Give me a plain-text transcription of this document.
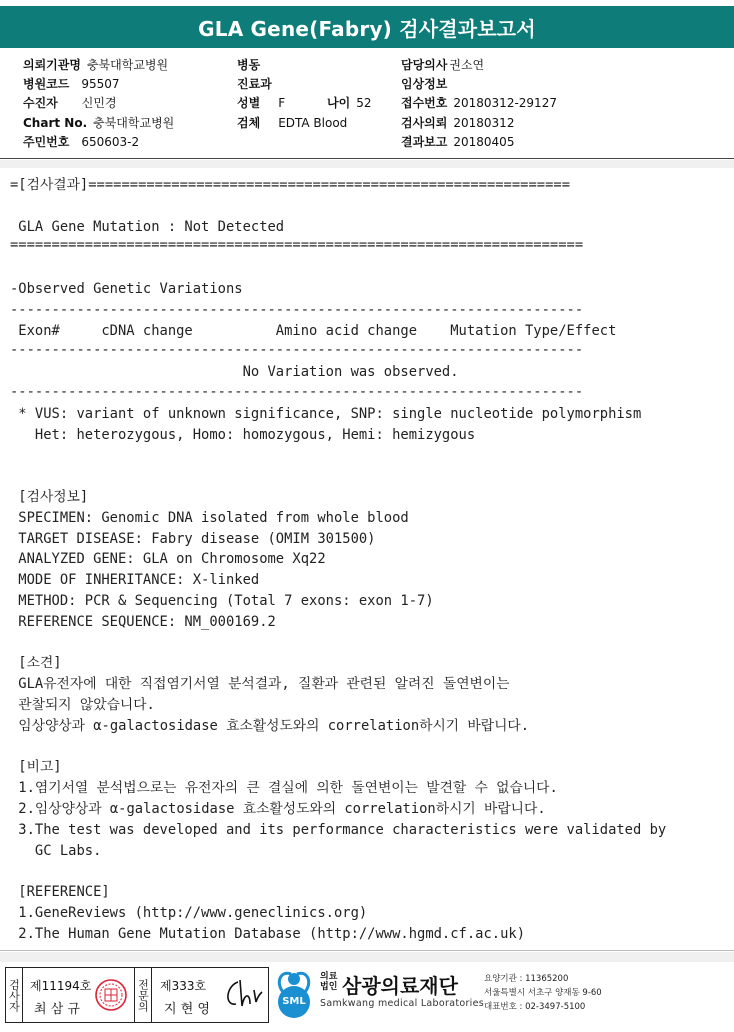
GLA Gene(Fabry) 검사결과보고서
의뢰기관명 충북대학교병원
병원코드 95507
수진자 신민경
Chart No. 충북대학교병원
주민번호 650603-2
병동
진료과
성별 F	나이 52
검체 EDTA Blood
담당의사 권소연
임상정보
접수번호 20180312-29127
검사의뢰 20180312
결과보고 20180405
=[검사결과]==========================================================
GLA Gene Mutation : Not Detected
=====================================================================
-Observed Genetic Variations
---------------------------------------------------------------------
Exon#     cDNA change          Amino acid change    Mutation Type/Effect
---------------------------------------------------------------------
No Variation was observed.
---------------------------------------------------------------------
* VUS: variant of unknown significance, SNP: single nucleotide polymorphism
Het: heterozygous, Homo: homozygous, Hemi: hemizygous
[검사정보]
SPECIMEN: Genomic DNA isolated from whole blood
TARGET DISEASE: Fabry disease (OMIM 301500)
ANALYZED GENE: GLA on Chromosome Xq22
MODE OF INHERITANCE: X-linked
METHOD: PCR & Sequencing (Total 7 exons: exon 1-7)
REFERENCE SEQUENCE: NM_000169.2
[소견]
GLA유전자에 대한 직접염기서열 분석결과, 질환과 관련된 알려진 돌연변이는
관찰되지 않았습니다.
임상양상과 α-galactosidase 효소활성도와의 correlation하시기 바랍니다.
[비고]
1.염기서열 분석법으로는 유전자의 큰 결실에 의한 돌연변이는 발견할 수 없습니다.
2.임상양상과 α-galactosidase 효소활성도와의 correlation하시기 바랍니다.
3.The test was developed and its performance characteristics were validated by
GC Labs.
[REFERENCE]
1.GeneReviews (http://www.geneclinics.org)
2.The Human Gene Mutation Database (http://www.hgmd.cf.ac.uk)
검사자 제11194호
최 삼 규	전문의 제333호
지 현 영
SML
의료
법인 삼광의료재단
Samkwang medical Laboratories
요양기관 : 11365200
서울특별시 서초구 양재동 9-60
대표번호 : 02-3497-5100
